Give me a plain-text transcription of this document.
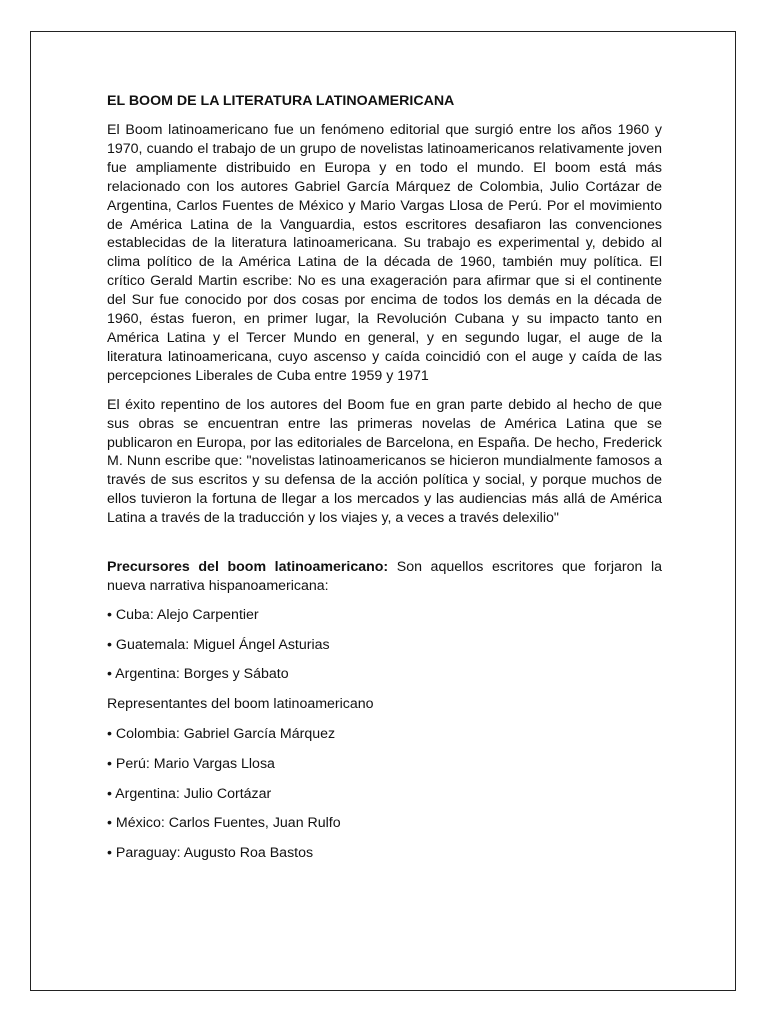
EL BOOM DE LA LITERATURA LATINOAMERICANA

El Boom latinoamericano fue un fenómeno editorial que surgió entre los años 1960 y 1970, cuando el trabajo de un grupo de novelistas latinoamericanos relativamente joven fue ampliamente distribuido en Europa y en todo el mundo. El boom está más relacionado con los autores Gabriel García Márquez de Colombia, Julio Cortázar de Argentina, Carlos Fuentes de México y Mario Vargas Llosa de Perú. Por el movimiento de América Latina de la Vanguardia, estos escritores desafiaron las convenciones establecidas de la literatura latinoamericana. Su trabajo es experimental y, debido al clima político de la América Latina de la década de 1960, también muy política. El crítico Gerald Martin escribe: No es una exageración para afirmar que si el continente del Sur fue conocido por dos cosas por encima de todos los demás en la década de 1960, éstas fueron, en primer lugar, la Revolución Cubana y su impacto tanto en América Latina y el Tercer Mundo en general, y en segundo lugar, el auge de la literatura latinoamericana, cuyo ascenso y caída coincidió con el auge y caída de las percepciones Liberales de Cuba entre 1959 y 1971

El éxito repentino de los autores del Boom fue en gran parte debido al hecho de que sus obras se encuentran entre las primeras novelas de América Latina que se publicaron en Europa, por las editoriales de Barcelona, en España. De hecho, Frederick M. Nunn escribe que: "novelistas latinoamericanos se hicieron mundialmente famosos a través de sus escritos y su defensa de la acción política y social, y porque muchos de ellos tuvieron la fortuna de llegar a los mercados y las audiencias más allá de América Latina a través de la traducción y los viajes y, a veces a través delexilio"

Precursores del boom latinoamericano: Son aquellos escritores que forjaron la nueva narrativa hispanoamericana:

• Cuba: Alejo Carpentier
• Guatemala: Miguel Ángel Asturias
• Argentina: Borges y Sábato
Representantes del boom latinoamericano
• Colombia: Gabriel García Márquez
• Perú: Mario Vargas Llosa
• Argentina: Julio Cortázar
• México: Carlos Fuentes, Juan Rulfo
• Paraguay: Augusto Roa Bastos
